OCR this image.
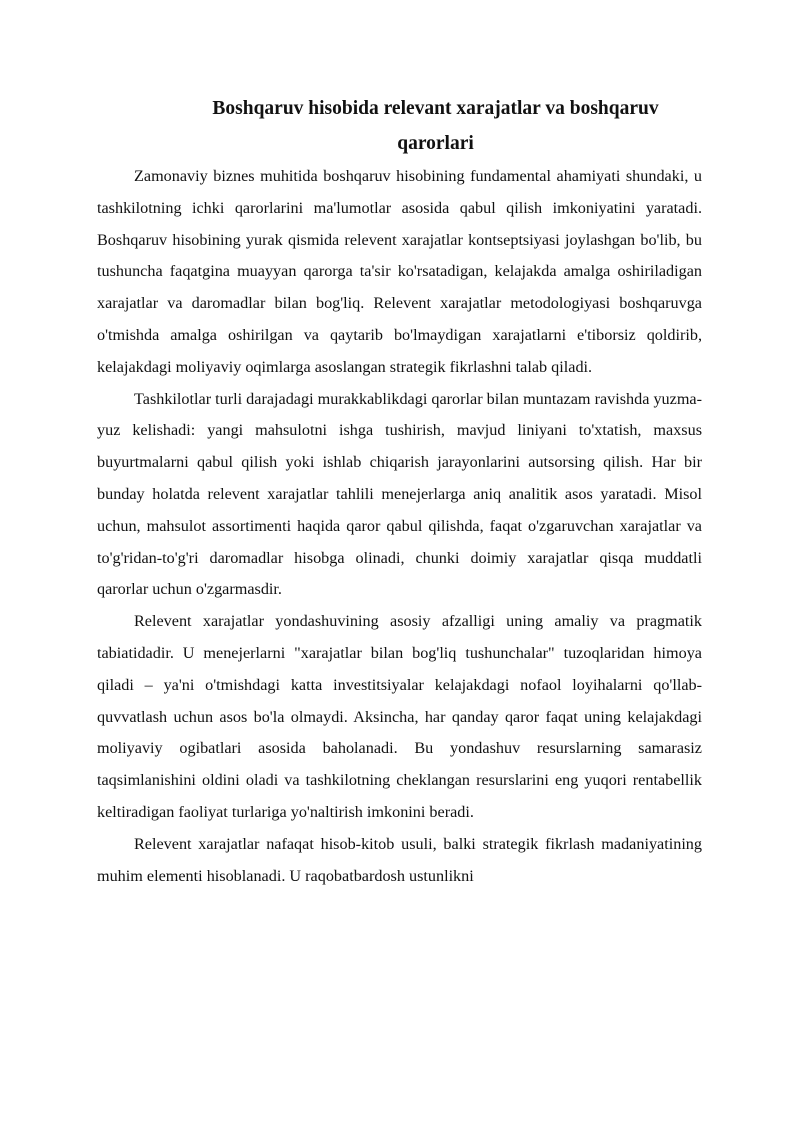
Boshqaruv hisobida relevant xarajatlar va boshqaruv
qarorlari

Zamonaviy biznes muhitida boshqaruv hisobining fundamental ahamiyati shundaki, u tashkilotning ichki qarorlarini ma'lumotlar asosida qabul qilish imkoniyatini yaratadi. Boshqaruv hisobining yurak qismida relevent xarajatlar kontseptsiyasi joylashgan bo'lib, bu tushuncha faqatgina muayyan qarorga ta'sir ko'rsatadigan, kelajakda amalga oshiriladigan xarajatlar va daromadlar bilan bog'liq. Relevent xarajatlar metodologiyasi boshqaruvga o'tmishda amalga oshirilgan va qaytarib bo'lmaydigan xarajatlarni e'tiborsiz qoldirib, kelajakdagi moliyaviy oqimlarga asoslangan strategik fikrlashni talab qiladi.

Tashkilotlar turli darajadagi murakkablikdagi qarorlar bilan muntazam ravishda yuzma-yuz kelishadi: yangi mahsulotni ishga tushirish, mavjud liniyani to'xtatish, maxsus buyurtmalarni qabul qilish yoki ishlab chiqarish jarayonlarini autsorsing qilish. Har bir bunday holatda relevent xarajatlar tahlili menejerlarga aniq analitik asos yaratadi. Misol uchun, mahsulot assortimenti haqida qaror qabul qilishda, faqat o'zgaruvchan xarajatlar va to'g'ridan-to'g'ri daromadlar hisobga olinadi, chunki doimiy xarajatlar qisqa muddatli qarorlar uchun o'zgarmasdir.

Relevent xarajatlar yondashuvining asosiy afzalligi uning amaliy va pragmatik tabiatidadir. U menejerlarni "xarajatlar bilan bog'liq tushunchalar" tuzoqlaridan himoya qiladi – ya'ni o'tmishdagi katta investitsiyalar kelajakdagi nofaol loyihalarni qo'llab-quvvatlash uchun asos bo'la olmaydi. Aksincha, har qanday qaror faqat uning kelajakdagi moliyaviy ogibatlari asosida baholanadi. Bu yondashuv resurslarning samarasiz taqsimlanishini oldini oladi va tashkilotning cheklangan resurslarini eng yuqori rentabellik keltiradigan faoliyat turlariga yo'naltirish imkonini beradi.

Relevent xarajatlar nafaqat hisob-kitob usuli, balki strategik fikrlash madaniyatining muhim elementi hisoblanadi. U raqobatbardosh ustunlikni
